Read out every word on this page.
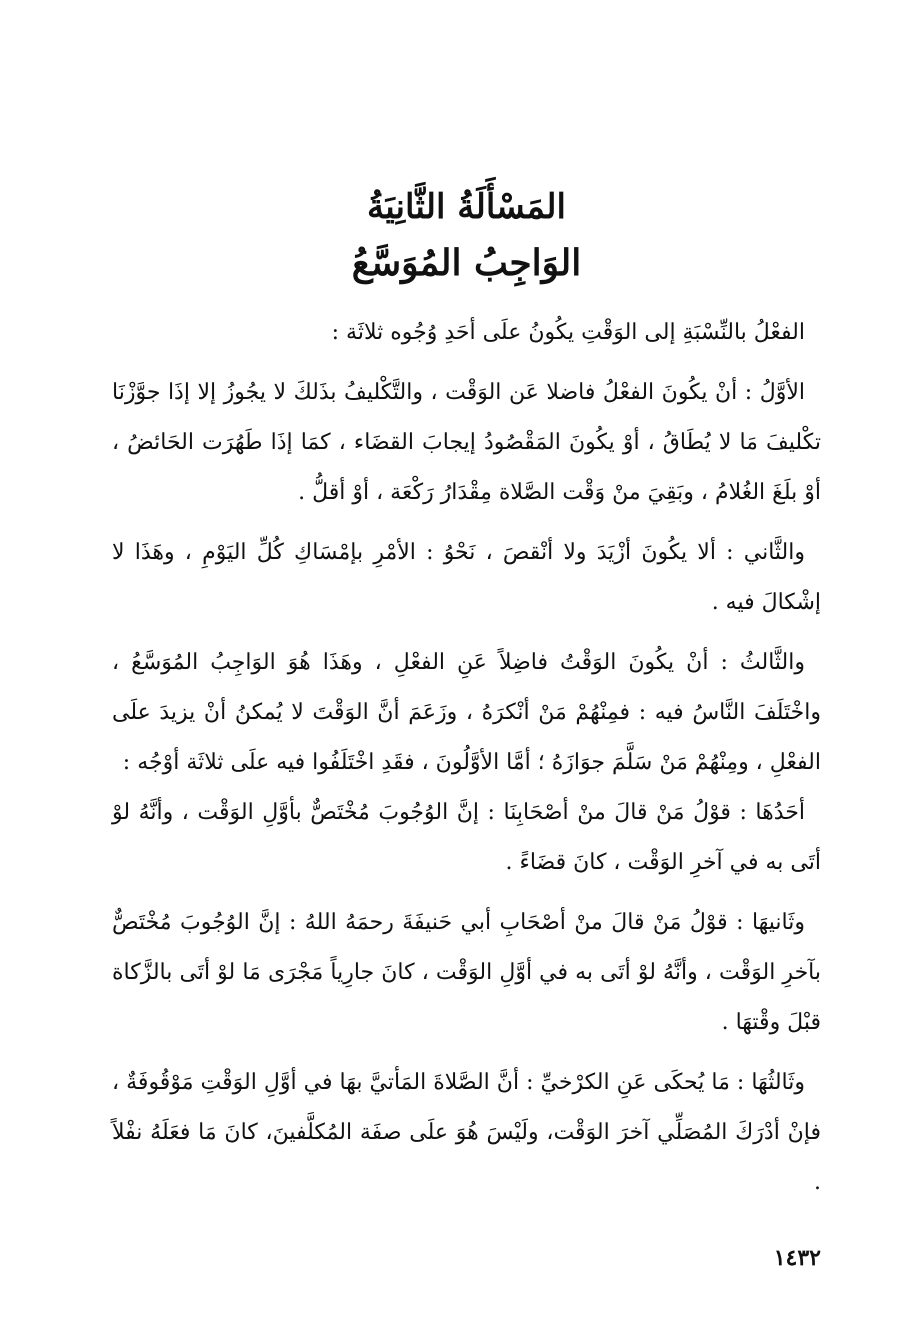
المَسْأَلَةُ الثَّانِيَةُ
الوَاجِبُ المُوَسَّعُ

الفعْلُ بالنِّسْبَةِ إلى الوَقْتِ يكُونُ علَى أحَدِ وُجُوه ثلاثَة :

الأوَّلُ : أنْ يكُونَ الفعْلُ فاضلا عَن الوَقْت ، والتَّكْليفُ بذَلكَ لا يجُوزُ إلا إذَا جوَّزْنَا تكْليفَ مَا لا يُطَاقُ ، أوْ يكُونَ المَقْصُودُ إيجابَ القضَاء ، كمَا إذَا طَهُرَت الحَائضُ ، أوْ بلَغَ الغُلامُ ، وبَقِيَ منْ وَقْت الصَّلاة مِقْدَارُ رَكْعَة ، أوْ أقلُّ .

والثَّاني : ألا يكُونَ أزْيَدَ ولا أنْقصَ ، نَحْوُ : الأمْرِ بإمْسَاكِ كُلِّ اليَوْمِ ، وهَذَا لا إشْكالَ فيه .

والثَّالثُ : أنْ يكُونَ الوَقْتُ فاضِلاً عَنِ الفعْلِ ، وهَذَا هُوَ الوَاجِبُ المُوَسَّعُ ، واخْتَلَفَ النَّاسُ فيه : فمِنْهُمْ مَنْ أنْكرَهُ ، وزَعَمَ أنَّ الوَقْتَ لا يُمكنُ أنْ يزيدَ علَى الفعْلِ ، ومِنْهُمْ مَنْ سَلَّمَ جوَازَهُ ؛ أمَّا الأوَّلُونَ ، فقَدِ اخْتَلَفُوا فيه علَى ثلاثَة أوْجُه :

أحَدُهَا : قوْلُ مَنْ قالَ منْ أصْحَابِنَا : إنَّ الوُجُوبَ مُخْتَصٌّ بأوَّلِ الوَقْت ، وأنَّهُ لوْ أتَى به في آخرِ الوَقْت ، كانَ قضَاءً .

وثَانيهَا : قوْلُ مَنْ قالَ منْ أصْحَابِ أبي حَنيفَةَ رحمَهُ اللهُ : إنَّ الوُجُوبَ مُخْتَصٌّ بآخرِ الوَقْت ، وأنَّهُ لوْ أتَى به في أوَّلِ الوَقْت ، كانَ جارِياً مَجْرَى مَا لوْ أتَى بالزَّكاة قبْلَ وقْتهَا .

وثَالثُهَا : مَا يُحكَى عَنِ الكرْخيِّ : أنَّ الصَّلاةَ المَأتيَّ بهَا في أوَّلِ الوَقْتِ مَوْقُوفَةٌ ، فإنْ أدْرَكَ المُصَلِّي آخرَ الوَقْت، ولَيْسَ هُوَ علَى صفَة المُكلَّفينَ، كانَ مَا فعَلَهُ نفْلاً .

١٤٣٢
